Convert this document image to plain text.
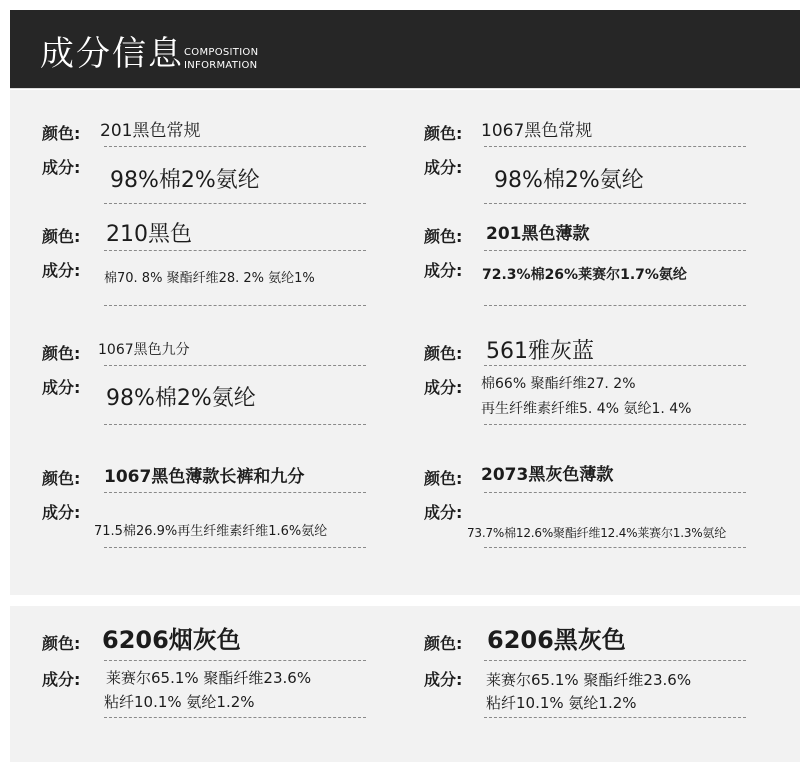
成分信息 COMPOSITION
INFORMATION
颜色: 201黑色常规
成分:
98%棉2%氨纶
颜色: 1067黑色常规
成分:
98%棉2%氨纶
颜色: 210黑色
成分: 棉70. 8% 聚酯纤维28. 2% 氨纶1%
颜色: 201黑色薄款
成分: 72.3%棉26%莱赛尔1.7%氨纶
颜色: 1067黑色九分
成分: 98%棉2%氨纶
颜色: 561雅灰蓝
成分: 棉66% 聚酯纤维27. 2%
再生纤维素纤维5. 4% 氨纶1. 4%
颜色: 1067黑色薄款长裤和九分
成分:
71.5棉26.9%再生纤维素纤维1.6%氨纶
颜色: 2073黑灰色薄款
成分:
73.7%棉12.6%聚酯纤维12.4%莱赛尔1.3%氨纶
颜色: 6206烟灰色
成分: 莱赛尔65.1% 聚酯纤维23.6%
粘纤10.1% 氨纶1.2%
颜色: 6206黑灰色
成分: 莱赛尔65.1% 聚酯纤维23.6%
粘纤10.1% 氨纶1.2%
